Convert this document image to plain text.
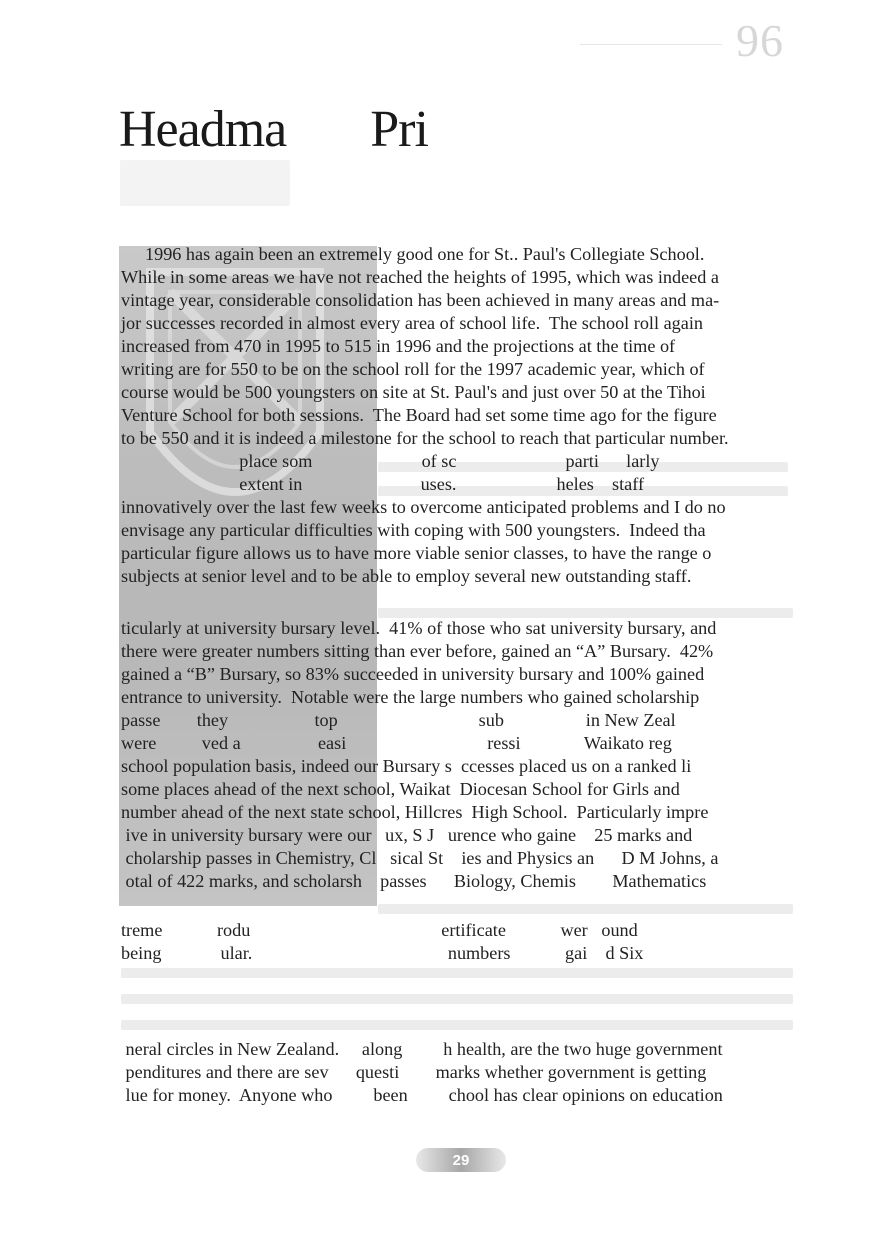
96
Headma       Pri
1996 has again been an extremely good one for St.. Paul's Collegiate School.
While in some areas we have not reached the heights of 1995, which was indeed a
vintage year, considerable consolidation has been achieved in many areas and ma-
jor successes recorded in almost every area of school life.  The school roll again
increased from 470 in 1995 to 515 in 1996 and the projections at the time of
writing are for 550 to be on the school roll for the 1997 academic year, which of
course would be 500 youngsters on site at St. Paul's and just over 50 at the Tihoi
Venture School for both sessions.  The Board had set some time ago for the figure
to be 550 and it is indeed a milestone for the school to reach that particular number.
place som                        of sc                        parti      larly
extent in                          uses.                      heles    staff
innovatively over the last few weeks to overcome anticipated problems and I do no
envisage any particular difficulties with coping with 500 youngsters.  Indeed tha
particular figure allows us to have more viable senior classes, to have the range o
subjects at senior level and to be able to employ several new outstanding staff.
ticularly at university bursary level.  41% of those who sat university bursary, and
there were greater numbers sitting than ever before, gained an “A” Bursary.  42%
gained a “B” Bursary, so 83% succeeded in university bursary and 100% gained
entrance to university.  Notable were the large numbers who gained scholarship
passe        they                   top                               sub                  in New Zeal
were          ved a                 easi                               ressi              Waikato reg
school population basis, indeed our Bursary s  ccesses placed us on a ranked li
some places ahead of the next school, Waikat  Diocesan School for Girls and
number ahead of the next state school, Hillcres  High School.  Particularly impre
ive in university bursary were our   ux, S J   urence who gaine    25 marks and
cholarship passes in Chemistry, Cl   sical St    ies and Physics an      D M Johns, a
otal of 422 marks, and scholarsh    passes      Biology, Chemis        Mathematics
treme            rodu                                          ertificate            wer   ound
being             ular.                                           numbers            gai    d Six
neral circles in New Zealand.     along         h health, are the two huge government
penditures and there are sev      questi        marks whether government is getting
lue for money.  Anyone who         been         chool has clear opinions on education
29
